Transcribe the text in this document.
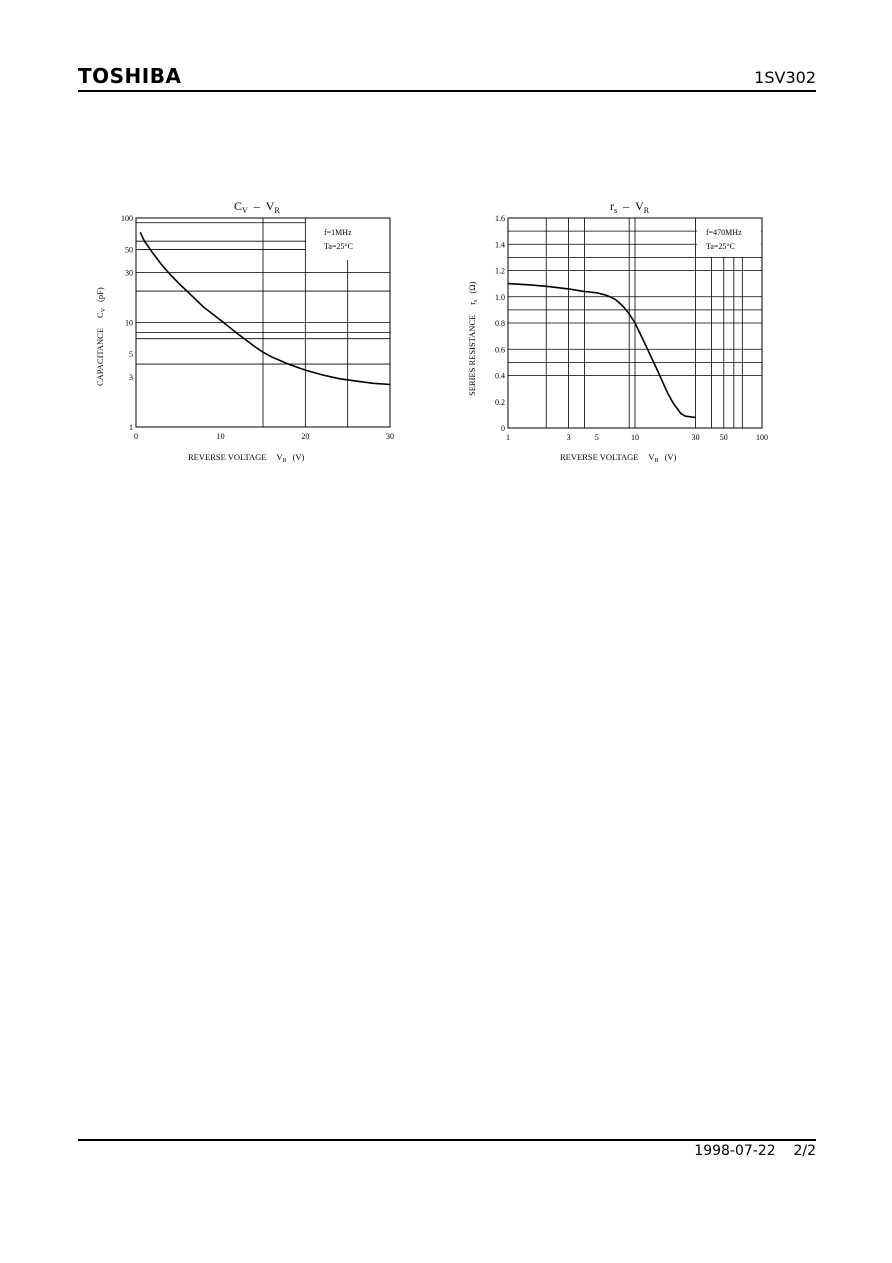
TOSHIBA	1SV302
$C_V - V_R$
f=1MHz
Ta=25°C
100
50
30
10
5
3
1
0	10	20	30
REVERSE VOLTAGE $V_R$ (V)
$CAPACITANCEC_V(pF)$
$r_s - V_R$
f=470MHz
Ta=25°C
1.6
1.4
1.2
1.0
0.8
0.6
0.4
0.2
0
1	3	5	10	30	50	100
REVERSE VOLTAGE $V_R$ (V)
SERIES RESISTANCEr$_s$(Ω)
1998-07-22 2/2
